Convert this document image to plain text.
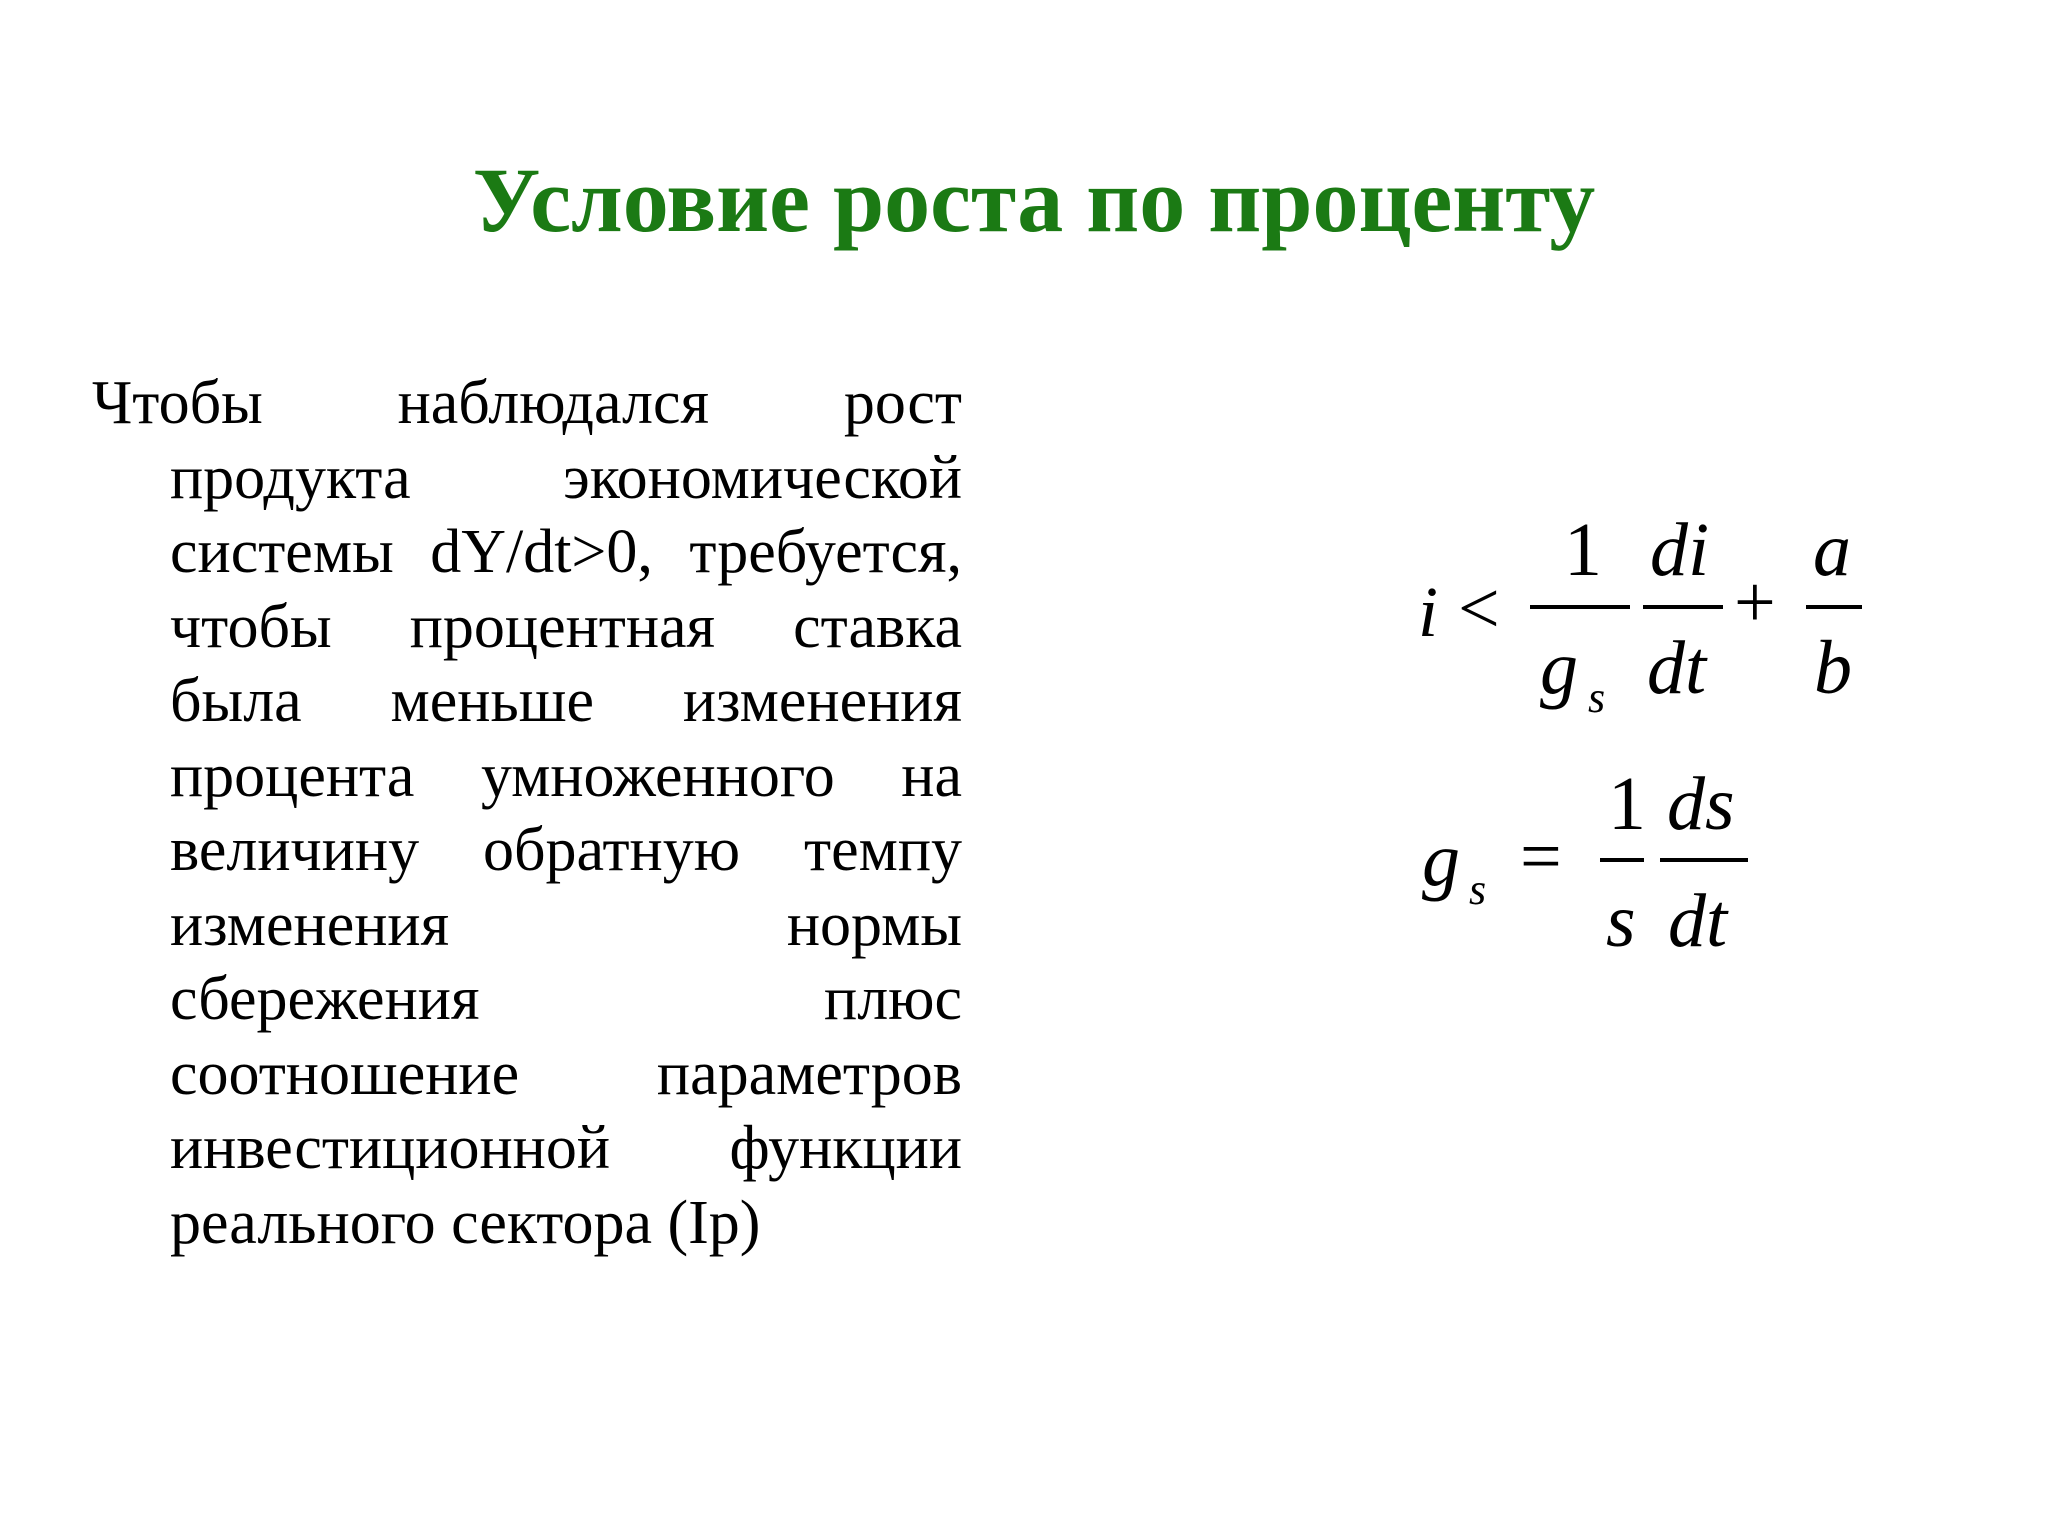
Условие роста по проценту

Чтобы наблюдался рост продукта экономической системы dY/dt>0, требуется, чтобы процентная ставка была меньше изменения процента умноженного на величину обратную темпу изменения нормы сбережения плюс соотношение параметров инвестиционной функции реального сектора (Ip)

i <
1
g s
di
dt
+
a
b
g s =
1
s
ds
dt
